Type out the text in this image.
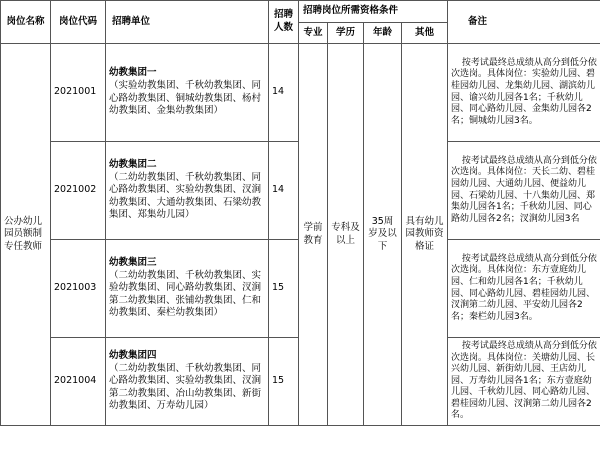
岗位名称	岗位代码	招聘单位	招聘人数	招聘岗位所需资格条件				备注
				专业	学历	年龄	其他	
公办幼儿园员额制专任教师	2021001	幼教集团一
（实验幼教集团、千秋幼教集团、同心路幼教集团、铜城幼教集团、杨村幼教集团、金集幼教集团）	14	学前教育	专科及以上	35周岁及以下	具有幼儿园教师资格证	按考试最终总成绩从高分到低分依次选岗。具体岗位：实验幼儿园、碧桂园幼儿园、龙集幼儿园、湖滨幼儿园、谕兴幼儿园各1名；千秋幼儿园、同心路幼儿园、金集幼儿园各2名；铜城幼儿园3名。

	2021002	幼教集团二
（二幼幼教集团、千秋幼教集团、同心路幼教集团、实验幼教集团、汊涧幼教集团、大通幼教集团、石梁幼教集团、郑集幼儿园）	14					按考试最终总成绩从高分到低分依次选岗。具体岗位：天长二幼、碧桂园幼儿园、大通幼儿园、便益幼儿园、石梁幼儿园、十八集幼儿园、郑集幼儿园各1名；千秋幼儿园、同心路幼儿园各2名；汊涧幼儿园3名

	2021003	幼教集团三
（二幼幼教集团、千秋幼教集团、实验幼教集团、同心路幼教集团、汊涧第二幼教集团、张铺幼教集团、仁和幼教集团、秦栏幼教集团）	15					按考试最终总成绩从高分到低分依次选岗。具体岗位：东方壹庭幼儿园、仁和幼儿园各1名；千秋幼儿园、同心路幼儿园、碧桂园幼儿园、汊涧第二幼儿园、平安幼儿园各2名；秦栏幼儿园3名。

	2021004	幼教集团四
（二幼幼教集团、千秋幼教集团、同心路幼教集团、实验幼教集团、汊涧第二幼教集团、冶山幼教集团、新街幼教集团、万寿幼儿园）	15					按考试最终总成绩从高分到低分依次选岗。具体岗位：关塘幼儿园、长兴幼儿园、新街幼儿园、王店幼儿园、万寿幼儿园各1名；东方壹庭幼儿园、千秋幼儿园、同心路幼儿园、碧桂园幼儿园、汊涧第二幼儿园各2名。
